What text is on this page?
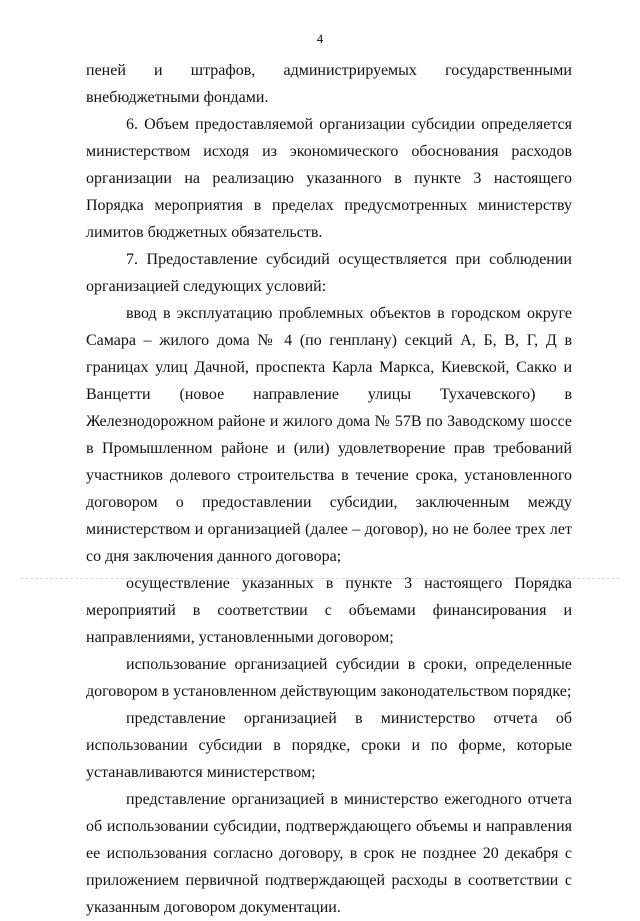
4

пеней и штрафов, администрируемых государственными внебюджетными фондами.

6. Объем предоставляемой организации субсидии определяется министерством исходя из экономического обоснования расходов организации на реализацию указанного в пункте 3 настоящего Порядка мероприятия в пределах предусмотренных министерству лимитов бюджетных обязательств.

7. Предоставление субсидий осуществляется при соблюдении организацией следующих условий:

ввод в эксплуатацию проблемных объектов в городском округе Самара – жилого дома № 4 (по генплану) секций А, Б, В, Г, Д в границах улиц Дачной, проспекта Карла Маркса, Киевской, Сакко и Ванцетти (новое направление улицы Тухачевского) в Железнодорожном районе и жилого дома № 57В по Заводскому шоссе в Промышленном районе и (или) удовлетворение прав требований участников долевого строительства в течение срока, установленного договором о предоставлении субсидии, заключенным между министерством и организацией (далее – договор), но не более трех лет со дня заключения данного договора;

осуществление указанных в пункте 3 настоящего Порядка мероприятий в соответствии с объемами финансирования и направлениями, установленными договором;

использование организацией субсидии в сроки, определенные договором в установленном действующим законодательством порядке;

представление организацией в министерство отчета об использовании субсидии в порядке, сроки и по форме, которые устанавливаются министерством;

представление организацией в министерство ежегодного отчета об использовании субсидии, подтверждающего объемы и направления ее использования согласно договору, в срок не позднее 20 декабря с приложением первичной подтверждающей расходы в соответствии с указанным договором документации.
